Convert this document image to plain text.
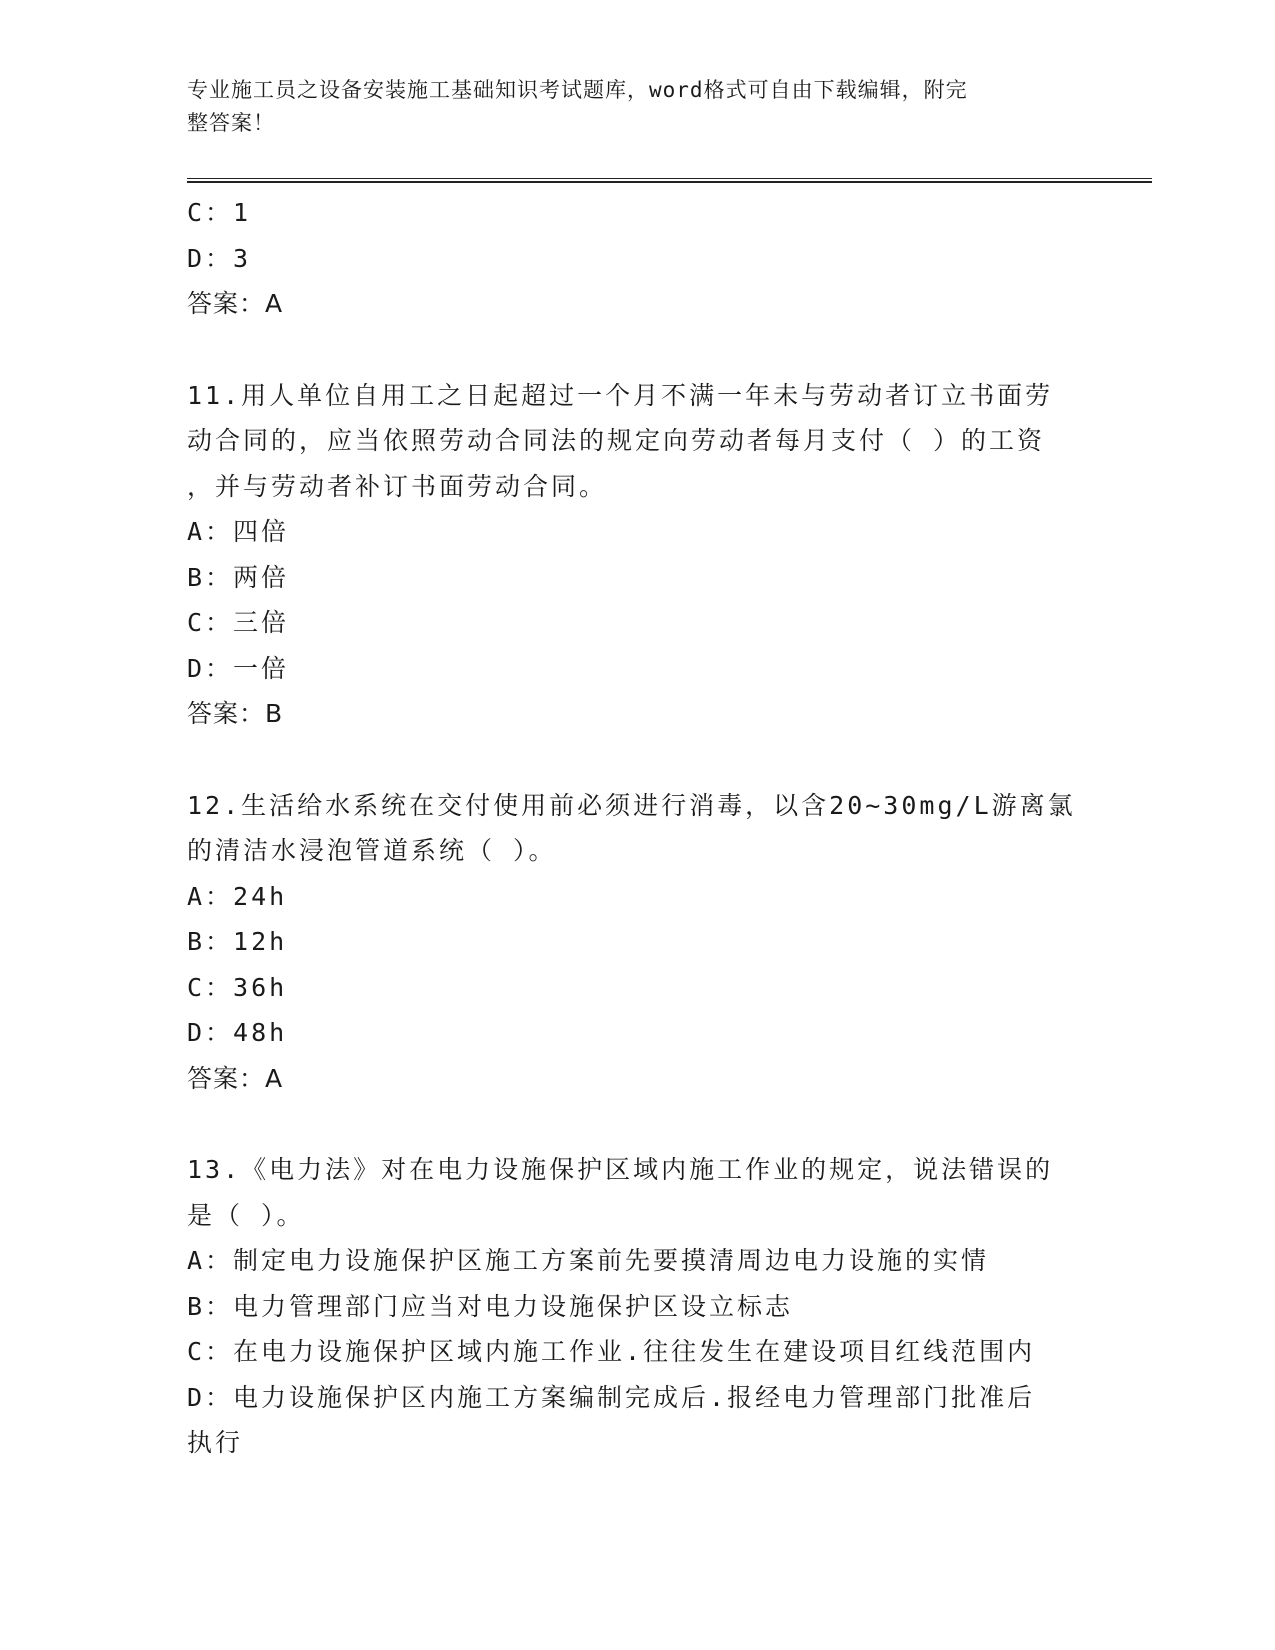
专业施工员之设备安装施工基础知识考试题库，word格式可自由下载编辑，附完
整答案！
C：1
D：3
答案：A
11.用人单位自用工之日起超过一个月不满一年未与劳动者订立书面劳
动合同的，应当依照劳动合同法的规定向劳动者每月支付（ ）的工资
，并与劳动者补订书面劳动合同。
A：四倍
B：两倍
C：三倍
D：一倍
答案：B
12.生活给水系统在交付使用前必须进行消毒，以含20~30mg/L游离氯
的清洁水浸泡管道系统（ ）。
A：24h
B：12h
C：36h
D：48h
答案：A
13.《电力法》对在电力设施保护区域内施工作业的规定，说法错误的
是（ ）。
A：制定电力设施保护区施工方案前先要摸清周边电力设施的实情
B：电力管理部门应当对电力设施保护区设立标志
C：在电力设施保护区域内施工作业.往往发生在建设项目红线范围内
D：电力设施保护区内施工方案编制完成后.报经电力管理部门批准后
执行
